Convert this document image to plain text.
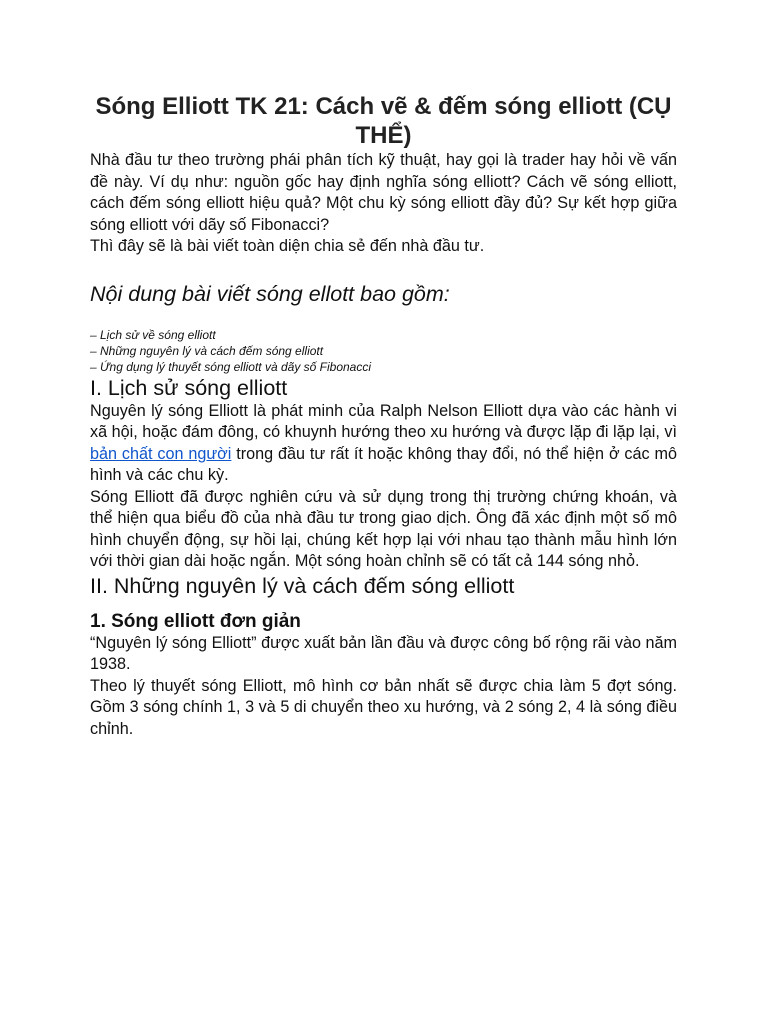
Sóng Elliott TK 21: Cách vẽ & đếm sóng elliott (CỤ THỂ)

Nhà đầu tư theo trường phái phân tích kỹ thuật, hay gọi là trader hay hỏi về vấn đề này. Ví dụ như: nguồn gốc hay định nghĩa sóng elliott? Cách vẽ sóng elliott, cách đếm sóng elliott hiệu quả? Một chu kỳ sóng elliott đầy đủ? Sự kết hợp giữa sóng elliott với dãy số Fibonacci?

Thì đây sẽ là bài viết toàn diện chia sẻ đến nhà đầu tư.

Nội dung bài viết sóng ellott bao gồm:
– Lịch sử về sóng elliott
– Những nguyên lý và cách đếm sóng elliott
– Ứng dụng lý thuyết sóng elliott và dãy số Fibonacci
I. Lịch sử sóng elliott

Nguyên lý sóng Elliott là phát minh của Ralph Nelson Elliott dựa vào các hành vi xã hội, hoặc đám đông, có khuynh hướng theo xu hướng và được lặp đi lặp lại, vì bản chất con người trong đầu tư rất ít hoặc không thay đổi, nó thể hiện ở các mô hình và các chu kỳ.

Sóng Elliott đã được nghiên cứu và sử dụng trong thị trường chứng khoán, và thể hiện qua biểu đồ của nhà đầu tư trong giao dịch. Ông đã xác định một số mô hình chuyển động, sự hồi lại, chúng kết hợp lại với nhau tạo thành mẫu hình lớn với thời gian dài hoặc ngắn. Một sóng hoàn chỉnh sẽ có tất cả 144 sóng nhỏ.

II. Những nguyên lý và cách đếm sóng elliott
1. Sóng elliott đơn giản

“Nguyên lý sóng Elliott” được xuất bản lần đầu và được công bố rộng rãi vào năm 1938.

Theo lý thuyết sóng Elliott, mô hình cơ bản nhất sẽ được chia làm 5 đợt sóng. Gồm 3 sóng chính 1, 3 và 5 di chuyển theo xu hướng, và 2 sóng 2, 4 là sóng điều chỉnh.
